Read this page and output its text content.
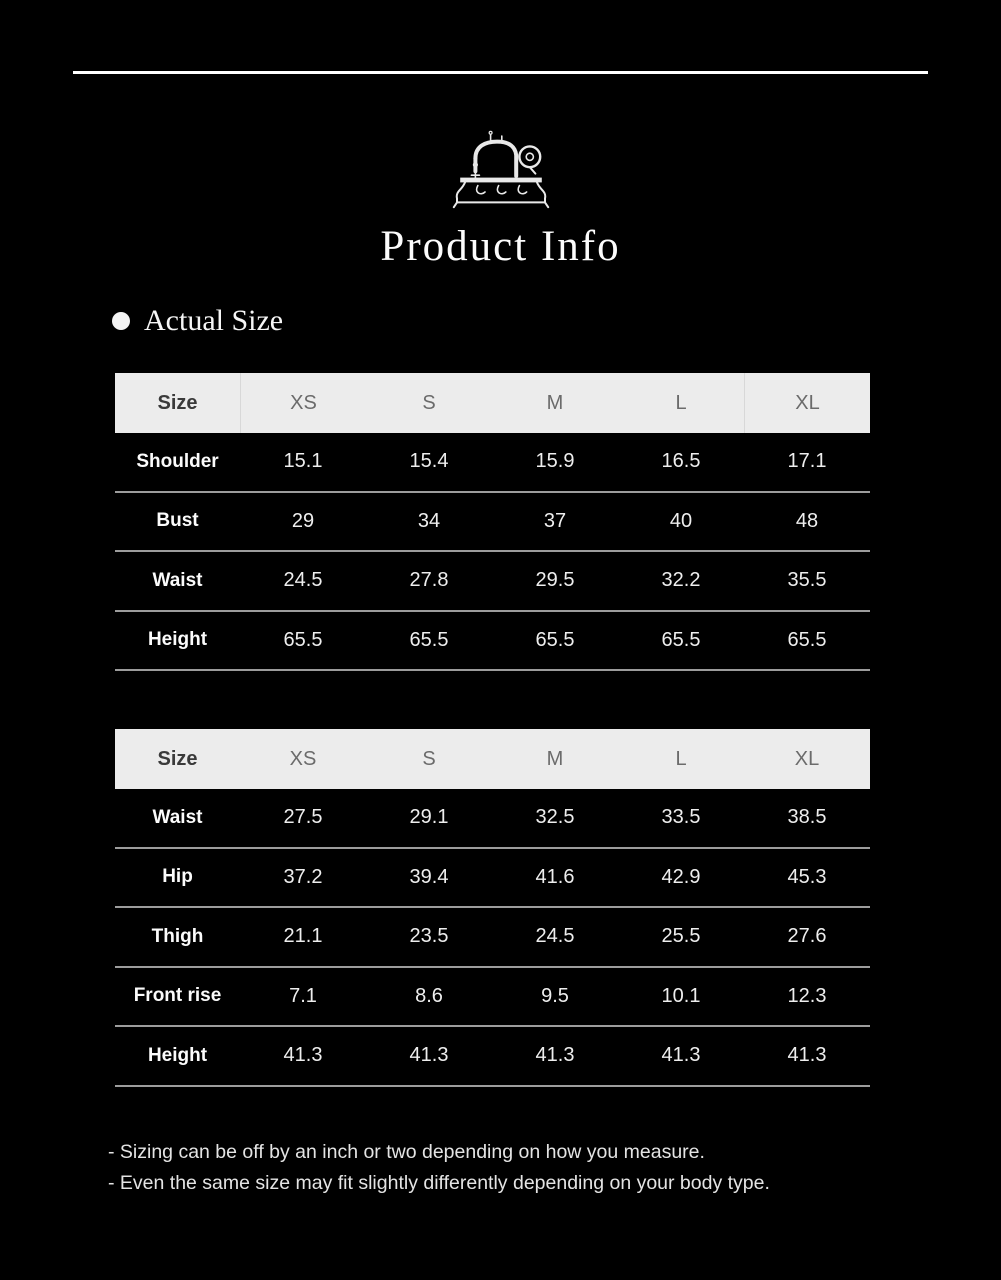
Product Info
Actual Size
Size	XS	S	M	L	XL
Shoulder	15.1	15.4	15.9	16.5	17.1
Bust	29	34	37	40	48
Waist	24.5	27.8	29.5	32.2	35.5
Height	65.5	65.5	65.5	65.5	65.5
Size	XS	S	M	L	XL
Waist	27.5	29.1	32.5	33.5	38.5
Hip	37.2	39.4	41.6	42.9	45.3
Thigh	21.1	23.5	24.5	25.5	27.6
Front rise	7.1	8.6	9.5	10.1	12.3
Height	41.3	41.3	41.3	41.3	41.3
- Sizing can be off by an inch or two depending on how you measure.
- Even the same size may fit slightly differently depending on your body type.
